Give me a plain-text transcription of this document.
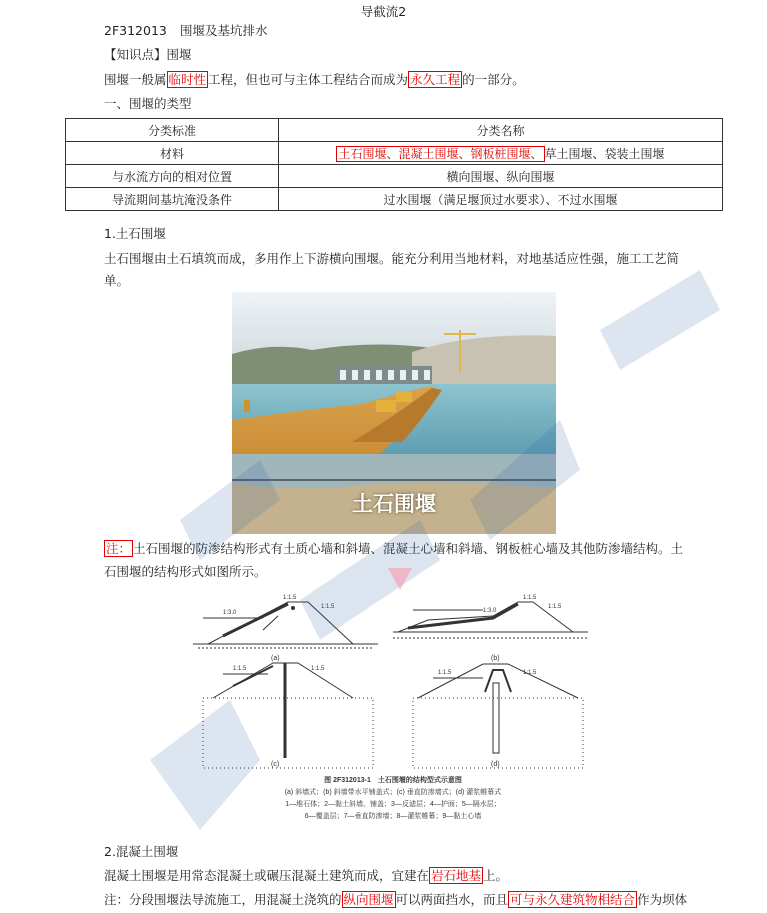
导截流2
2F312013 围堰及基坑排水
【知识点】围堰
围堰一般属 临时性 工程，但也可与主体工程结合而成为 永久工程 的一部分。
一、围堰的类型
分类标准	分类名称
材料	土石围堰、混凝土围堰、钢板桩围堰、 草土围堰、袋装土围堰
与水流方向的相对位置	横向围堰、纵向围堰
导流期间基坑淹没条件	过水围堰（满足堰顶过水要求）、不过水围堰
1.土石围堰
土石围堰由土石填筑而成，多用作上下游横向围堰。能充分利用当地材料，对地基适应性强，施工工艺简
单。
土石围堰
注： 土石围堰的防渗结构形式有土质心墙和斜墙、混凝土心墙和斜墙、钢板桩心墙及其他防渗墙结构。土
石围堰的结构形式如图所示。
1:1.5
1:3.0
1:1.5
1:1.5
1:3.0
1:1.5
1:1.5	1:1.5
1:1.5	1:1.5
(a)	(b)
(c)	(d)
图 2F312013-1　土石围堰的结构型式示意图
(a) 斜墙式；(b) 斜墙带水平铺盖式；(c) 垂直防渗墙式；(d) 灌浆帷幕式
1—堆石体；2—黏土斜墙、铺盖；3—反滤层；4—护面；5—隔水层；
6—覆盖层；7—垂直防渗墙；8—灌浆帷幕；9—黏土心墙
2.混凝土围堰
混凝土围堰是用常态混凝土或碾压混凝土建筑而成，宜建在 岩石地基 上。
注：分段围堰法导流施工，用混凝土浇筑的 纵向围堰 可以两面挡水，而且 可与永久建筑物相结合 作为坝体
